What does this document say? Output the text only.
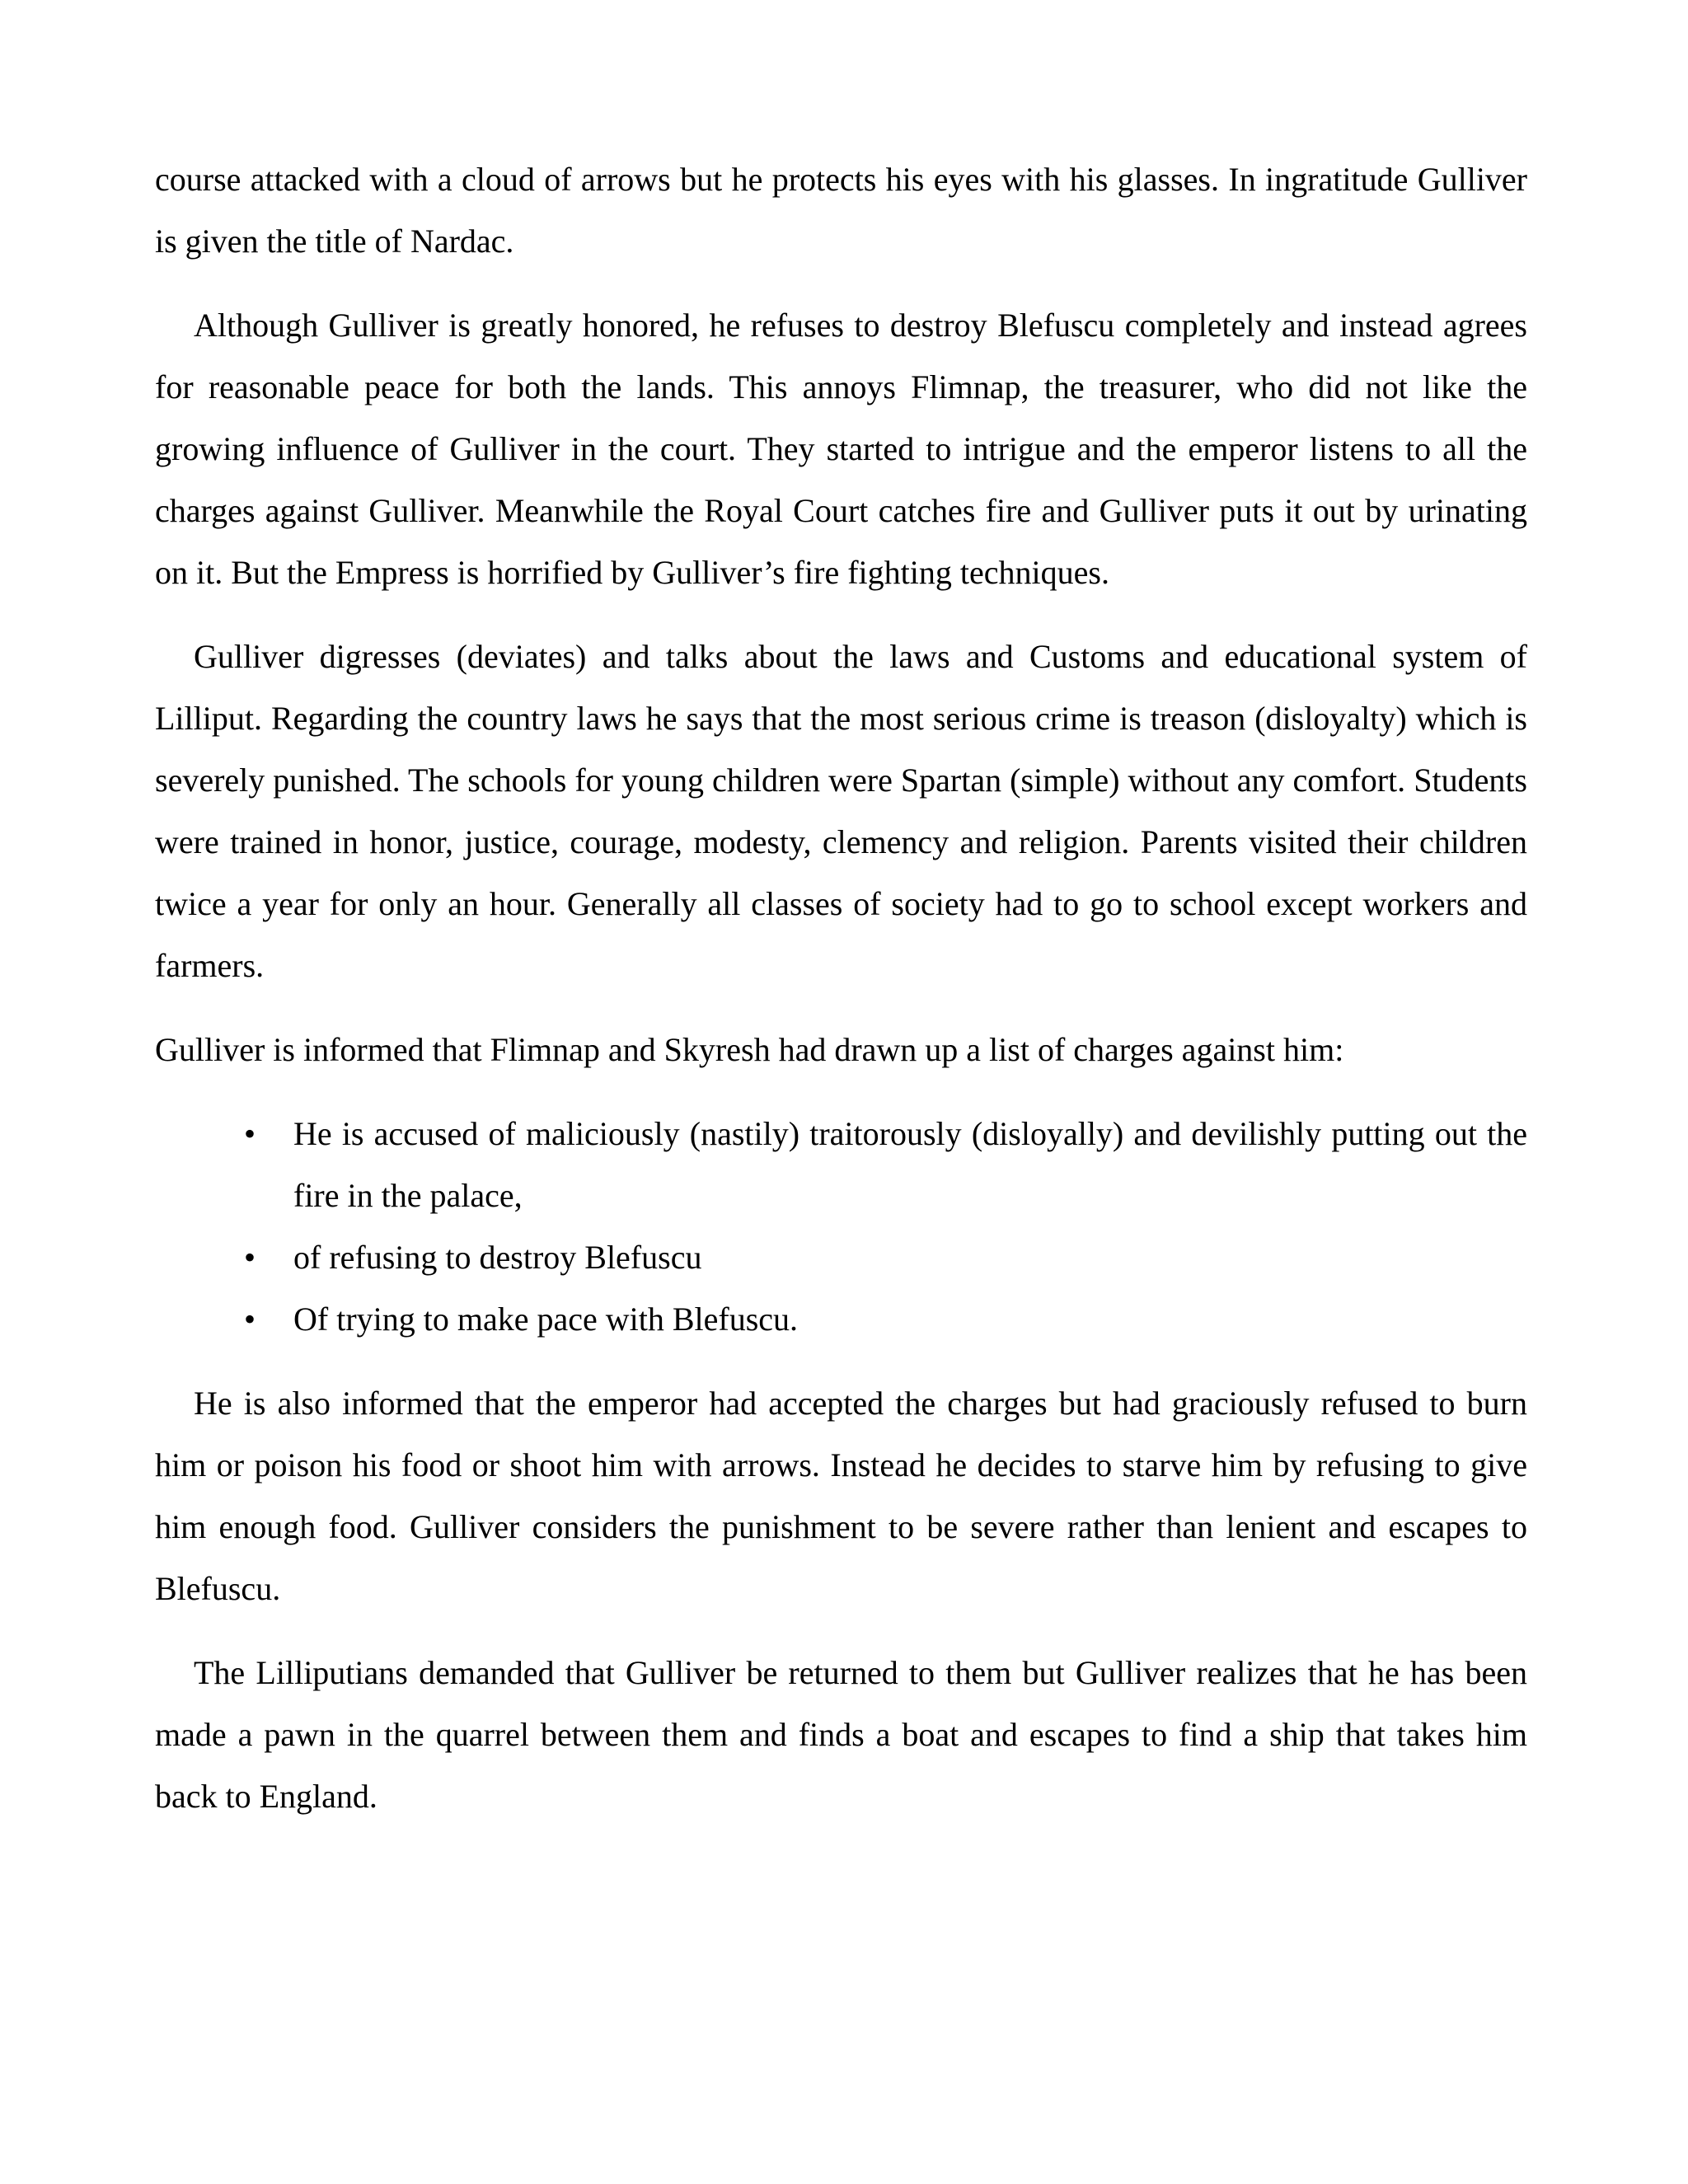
course attacked with a cloud of arrows but he protects his eyes with his glasses. In ingratitude Gulliver is given the title of Nardac.

Although Gulliver is greatly honored, he refuses to destroy Blefuscu completely and instead agrees for reasonable peace for both the lands. This annoys Flimnap, the treasurer, who did not like the growing influence of Gulliver in the court. They started to intrigue and the emperor listens to all the charges against Gulliver. Meanwhile the Royal Court catches fire and Gulliver puts it out by urinating on it. But the Empress is horrified by Gulliver’s fire fighting techniques.

Gulliver digresses (deviates) and talks about the laws and Customs and educational system of Lilliput. Regarding the country laws he says that the most serious crime is treason (disloyalty) which is severely punished. The schools for young children were Spartan (simple) without any comfort. Students were trained in honor, justice, courage, modesty, clemency and religion. Parents visited their children twice a year for only an hour. Generally all classes of society had to go to school except workers and farmers.

Gulliver is informed that Flimnap and Skyresh had drawn up a list of charges against him:

•	He is accused of maliciously (nastily) traitorously (disloyally) and devilishly putting out the fire in the palace,
•	of refusing to destroy Blefuscu
•	Of trying to make pace with Blefuscu.

He is also informed that the emperor had accepted the charges but had graciously refused to burn him or poison his food or shoot him with arrows. Instead he decides to starve him by refusing to give him enough food. Gulliver considers the punishment to be severe rather than lenient and escapes to Blefuscu.

The Lilliputians demanded that Gulliver be returned to them but Gulliver realizes that he has been made a pawn in the quarrel between them and finds a boat and escapes to find a ship that takes him back to England.
